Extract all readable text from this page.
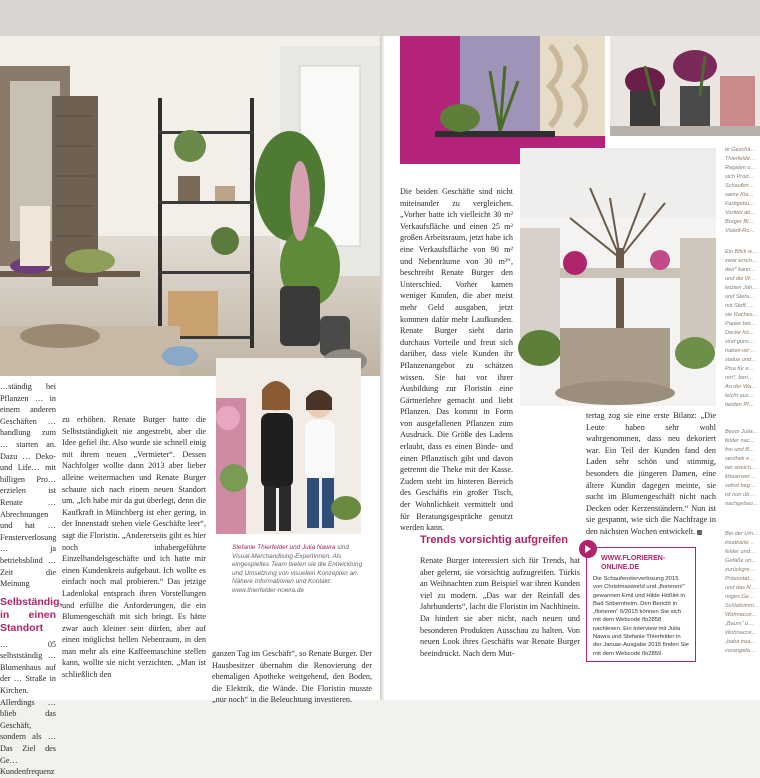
…ständig bei Pflanzen … in einem anderen Geschäften … handlung zum … starten an. Dazu … Deko- und Life… mit billigen Pro… erzielen ist Renate … Abrechnungen und hat … Fensterverlosung … ja betriebsblind … Zeit die Meinung

Selbständig, in einen Standort

… 05 selbstständig … Blumenhaus auf der … Straße in Kirchen. Allerdings … blieb das Geschäft, sondern als … Das Ziel des Ge… Kundenfrequenz

zu erhöhen. Renate Burger hatte die Selbstständigkeit nie angestrebt, aber die Idee gefiel ihr. Also wurde sie schnell einig mit ihrem neuen „Vermieter“. Dessen Nachfolger wollte dann 2013 aber lieber alleine weitermachen und Renate Burger schaute sich nach einem neuen Standort um. „Ich habe mir da gut überlegt, denn die Kaufkraft in Münchberg ist eher gering, in der Innenstadt stehen viele Geschäfte leer“, sagt die Floristin. „Andererseits gibt es hier noch inhabergeführte Einzelhandelsgeschäfte und ich hatte mir einen Kundenkreis aufgebaut. Ich wollte es einfach noch mal probieren.“ Das jetzige Ladenlokal entsprach ihren Vorstellungen und erfüllte die Anforderungen, die ein Blumengeschäft mit sich bringt. Es hätte zwar auch kleiner sein dürfen, aber auf einen möglichst hellen Nebenraum, in den man mehr als eine Kaffeemaschine stellen kann, wollte sie nicht verzichten. „Man ist schließlich den

Stefanie Thierfelder und Julia Nawra sind Visual-Merchandising-Expertinnen. Als eingespieltes Team bieten sie die Entwicklung und Umsetzung von visuellen Konzepten an. Nähere Informationen und Kontakt: www.thierfelder-nowra.de

ganzen Tag im Geschäft“, so Renate Burger. Der Hausbesitzer übernahm die Renovierung der ehemaligen Apotheke weitgehend, den Boden, die Elektrik, die Wände. Die Floristin musste „nur noch“ in die Beleuchtung investieren.

Die beiden Geschäfte sind nicht miteinander zu vergleichen. „Vorher hatte ich vielleicht 30 m² Verkaufsfläche und einen 25 m² großen Arbeitsraum, jetzt habe ich eine Verkaufsfläche von 90 m² und Nebenräume von 30 m²“, beschreibt Renate Burger den Unterschied. Vorher kamen weniger Kunden, die aber meist mehr Geld ausgaben, jetzt kommen dafür mehr Laufkunden. Renate Burger sieht darin durchaus Vorteile und freut sich darüber, dass viele Kunden ihr Pflanzenangebot zu schätzen wissen. Sie hat vor ihrer Ausbildung zur Floristin eine Gärtnerlehre gemacht und liebt Pflanzen. Das kommt in Form von ausgefallenen Pflanzen zum Ausdruck. Die Größe des Ladens erlaubt, dass es einen Binde- und einen Pflanztisch gibt und davon getrennt die Theke mit der Kasse. Zudem steht im hinteren Bereich des Geschäfts ein großer Tisch, der Wohnlichkeit vermittelt und für Beratungsgespräche genutzt werden kann.

Trends vorsichtig aufgreifen

Renate Burger interessiert sich für Trends, hat aber gelernt, sie vorsichtig aufzugreifen. Türkis an Weihnachten zum Beispiel war ihren Kunden viel zu modern. „Das war der Reinfall des Jahrhunderts“, lacht die Floristin im Nachhinein. Da hindert sie aber nicht, nach neuen und besonderen Produkten Ausschau zu halten. Von neuen Look ihres Geschäfts war Renate Burger beeindruckt. Nach dem Mut-

tertag zog sie eine erste Bilanz: „Die Leute haben sehr wohl wahrgenommen, dass neu dekoriert war. Ein Teil der Kunden fand den Laden sehr schön und stimmig, besonders die jüngeren Damen, eine ältere Kundin dagegen meinte, sie sucht im Blumengeschäft nicht nach Decken oder Kerzenständern.“ Nun ist sie gespannt, wie sich die Nachfrage in den nächsten Wochen entwickelt.

WWW.FLORIEREN-ONLINE.DE
Die Schaufensterverlosung 2015 von Christmasworld und „florieren!“ gewannen Emil und Hilde Hößlet in Bad Sobernheim. Den Bericht in „florieren“ 6/2015 können Sie sich mit dem Webcode flo2858 nachlesen. Ein Interview mit Julia Nawra und Stefanie Thierfelder in der Januar-Ausgabe 2015 finden Sie mit dem Webcode flo2859.
te Geschä… Thierfelde… Regalen u… sich Prod… Schaufen… same Kla… Farbgebu… Vorfeld ab… Burger Bl… Violett-Ro…
Ein Blick w… zwar ersch… den* kann… und die W… letzten Jah… und Stefa… mit Stoff, … sie Raches… Papier bel… Decke hö… sind güns… haben wir… statue und… Pisa für e… ren*, beri… An der Wa… leicht aus… beiden Pf…
Bevor Julia… felder nac… frei und B… senthek e… tan streich… Mauerwer… sofort beg… ist nun üb… nachgebau…
Bei der Um… treatkarte… felder und… Gefäße un… zurückgre… Präsentat… und das N… miges Ge… Schlafzimm… Wohnacce… „Baum“ ü… Wohnacce… „baba trea… vorangefa…
